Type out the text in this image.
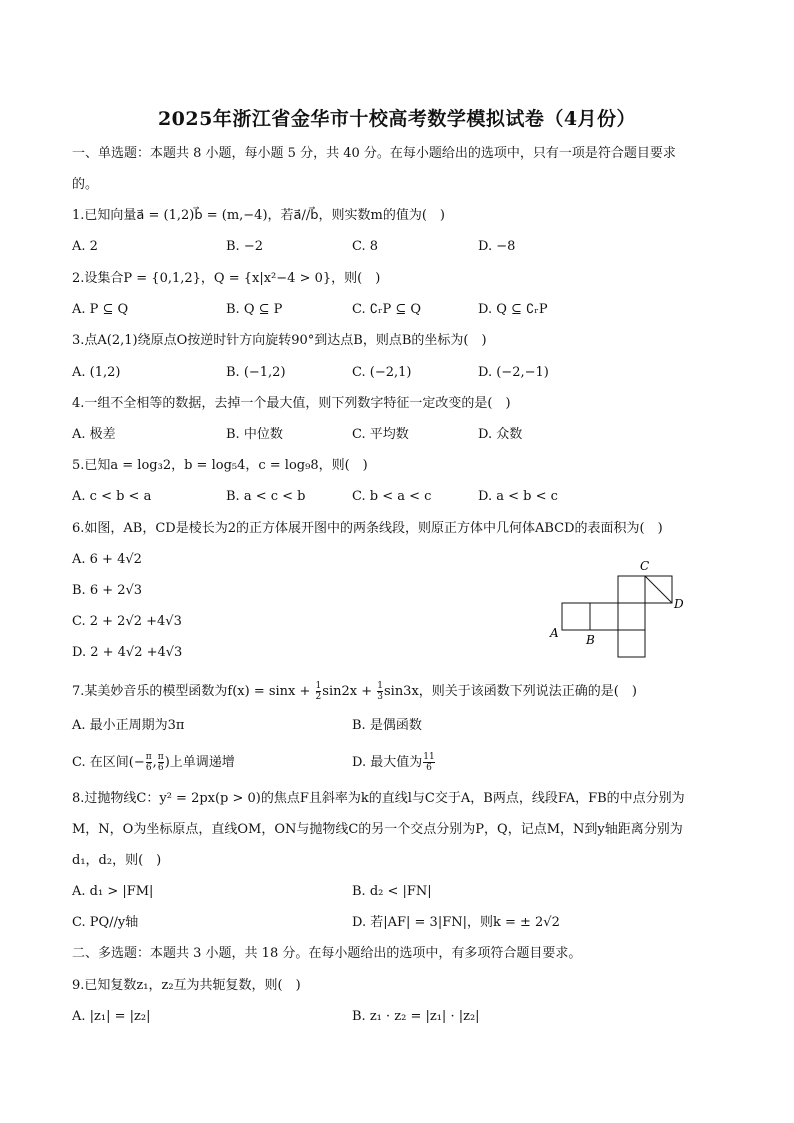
2025年浙江省金华市十校高考数学模拟试卷（4月份）
一、单选题：本题共 8 小题，每小题 5 分，共 40 分。在每小题给出的选项中，只有一项是符合题目要求
的。
1.已知向量a⃗ = (1,2)b⃗ = (m,−4)，若a⃗//b⃗，则实数m的值为(　)
A. 2	B. −2	C. 8	D. −8
2.设集合P = {0,1,2}，Q = {x|x²−4 > 0}，则(　)
A. P ⊆ Q	B. Q ⊆ P	C. ∁ᵣP ⊆ Q	D. Q ⊆ ∁ᵣP
3.点A(2,1)绕原点O按逆时针方向旋转90°到达点B，则点B的坐标为(　)
A. (1,2)	B. (−1,2)	C. (−2,1)	D. (−2,−1)
4.一组不全相等的数据，去掉一个最大值，则下列数字特征一定改变的是(　)
A. 极差	B. 中位数	C. 平均数	D. 众数
5.已知a = log₃2，b = log₅4，c = log₉8，则(　)
A. c < b < a	B. a < c < b	C. b < a < c	D. a < b < c
6.如图，AB，CD是棱长为2的正方体展开图中的两条线段，则原正方体中几何体ABCD的表面积为(　)
A. 6 + 4√2
B. 6 + 2√3
C. 2 + 2√2 +4√3
D. 2 + 4√2 +4√3
C
D
A B
7.某美妙音乐的模型函数为$f(x) = \sin x + \frac{1}{2} \sin 2x + \frac{1}{3} \sin 3x$，则关于该函数下列说法正确的是(　)
A. 最小正周期为3π	B. 是偶函数
C. 在区间(− $\frac{\pi}{6}$ , $\frac{\pi}{6}$ )上单调递增	D. 最大值为 $\frac{11}{6}$
8.过抛物线C：y² = 2px(p > 0)的焦点F且斜率为k的直线l与C交于A，B两点，线段FA，FB的中点分别为
M，N，O为坐标原点，直线OM，ON与抛物线C的另一个交点分别为P，Q，记点M，N到y轴距离分别为
d₁，d₂，则(　)
A. d₁ > |FM|	B. d₂ < |FN|
C. PQ//y轴	D. 若|AF| = 3|FN|，则k = ± 2√2
二、多选题：本题共 3 小题，共 18 分。在每小题给出的选项中，有多项符合题目要求。
9.已知复数z₁，z₂互为共轭复数，则(　)
A. |z₁| = |z₂|	B. z₁ · z₂ = |z₁| · |z₂|
